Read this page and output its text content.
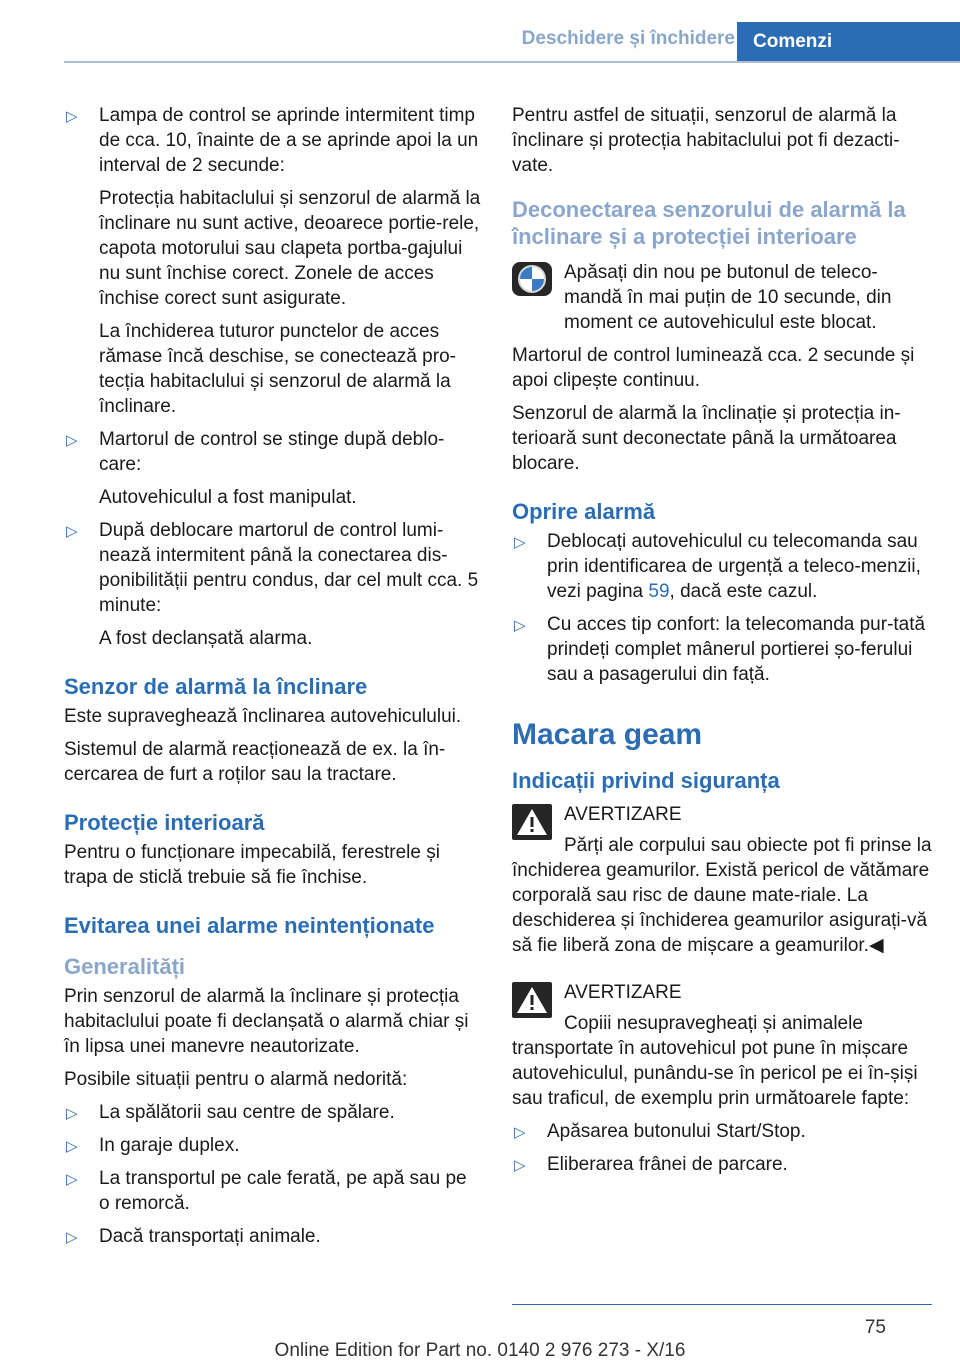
Deschidere și închidere Comenzi
▷ Lampa de control se aprinde intermitent timp de cca. 10, înainte de a se aprinde apoi la un interval de 2 secunde:

Protecția habitaclului și senzorul de alarmă la înclinare nu sunt active, deoarece portie‐rele, capota motorului sau clapeta portba‐gajului nu sunt închise corect. Zonele de acces închise corect sunt asigurate.

La închiderea tuturor punctelor de acces rămase încă deschise, se conectează pro‐tecția habitaclului și senzorul de alarmă la înclinare.

▷ Martorul de control se stinge după deblo‐care:

Autovehiculul a fost manipulat.

▷ După deblocare martorul de control lumi‐nează intermitent până la conectarea dis‐ponibilității pentru condus, dar cel mult cca. 5 minute:

A fost declanșată alarma.

Senzor de alarmă la înclinare

Este supraveghează înclinarea autovehiculului.

Sistemul de alarmă reacționează de ex. la în‐cercarea de furt a roților sau la tractare.

Protecție interioară

Pentru o funcționare impecabilă, ferestrele și trapa de sticlă trebuie să fie închise.

Evitarea unei alarme neintenționate
Generalități

Prin senzorul de alarmă la înclinare și protecția habitaclului poate fi declanșată o alarmă chiar și în lipsa unei manevre neautorizate.

Posibile situații pentru o alarmă nedorită:

▷ La spălătorii sau centre de spălare.

▷ In garaje duplex.

▷ La transportul pe cale ferată, pe apă sau pe o remorcă.

▷ Dacă transportați animale.

Pentru astfel de situații, senzorul de alarmă la înclinare și protecția habitaclului pot fi dezacti‐vate.

Deconectarea senzorului de alarmă la înclinare și a protecției interioare

Apăsați din nou pe butonul de teleco‐mandă în mai puțin de 10 secunde, din moment ce autovehiculul este blocat.

Martorul de control luminează cca. 2 secunde și apoi clipește continuu.

Senzorul de alarmă la înclinație și protecția in‐terioară sunt deconectate până la următoarea blocare.

Oprire alarmă
▷ Deblocați autovehiculul cu telecomanda sau prin identificarea de urgență a teleco‐menzii, vezi pagina 59, dacă este cazul.

▷ Cu acces tip confort: la telecomanda pur‐tată prindeți complet mânerul portierei șo‐ferului sau a pasagerului din față.

Macara geam
Indicații privind siguranța

AVERTIZARE

Părți ale corpului sau obiecte pot fi prinse la închiderea geamurilor. Există pericol de vătămare corporală sau risc de daune mate‐riale. La deschiderea și închiderea geamurilor asigurați-vă să fie liberă zona de mișcare a geamurilor.◀

AVERTIZARE

Copiii nesupravegheați și animalele transportate în autovehicul pot pune în mișcare autovehiculul, punându-se în pericol pe ei în‐șiși sau traficul, de exemplu prin următoarele fapte:

▷ Apăsarea butonului Start/Stop.

▷ Eliberarea frânei de parcare.

75
Online Edition for Part no. 0140 2 976 273 - X/16
